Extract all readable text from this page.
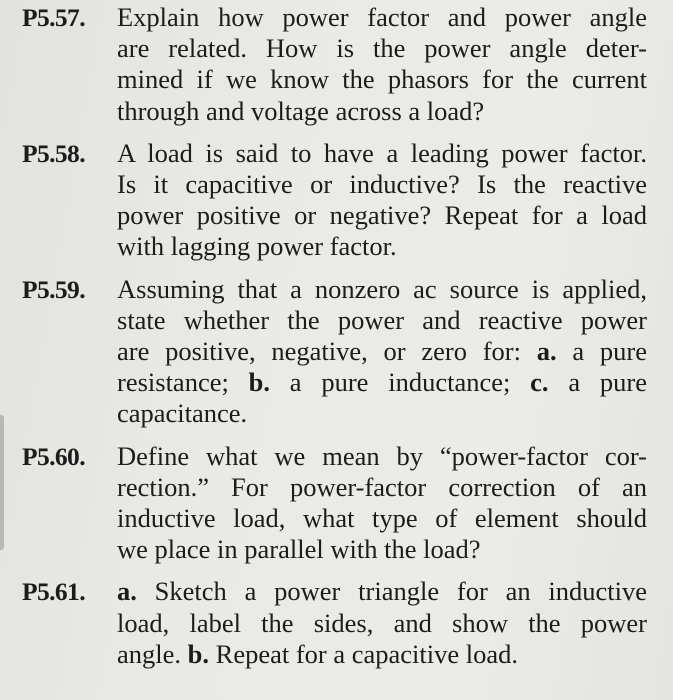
P5.57.	Explain how power factor and power angle
are related. How is the power angle deter-
mined if we know the phasors for the current
through and voltage across a load?
P5.58.	A load is said to have a leading power factor.
Is it capacitive or inductive? Is the reactive
power positive or negative? Repeat for a load
with lagging power factor.
P5.59.	Assuming that a nonzero ac source is applied,
state whether the power and reactive power
are positive, negative, or zero for: a. a pure
resistance; b. a pure inductance; c. a pure
capacitance.
P5.60.	Define what we mean by “power-factor cor-
rection.” For power-factor correction of an
inductive load, what type of element should
we place in parallel with the load?
P5.61.	a. Sketch a power triangle for an inductive
load, label the sides, and show the power
angle. b. Repeat for a capacitive load.
